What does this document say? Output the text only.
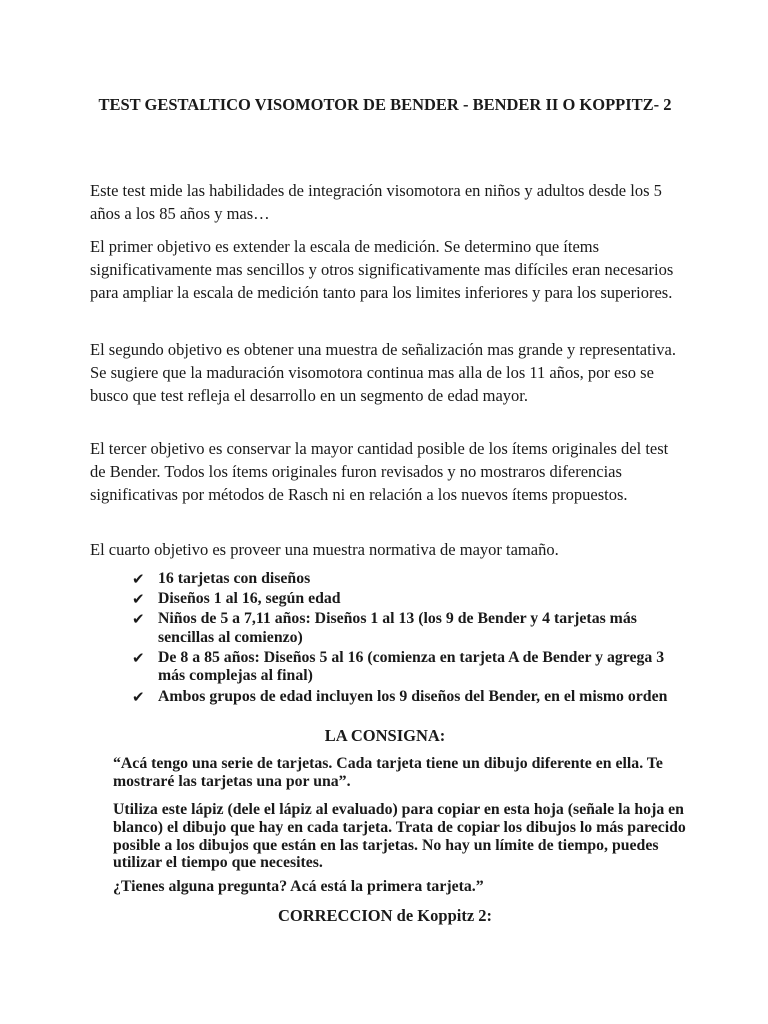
TEST GESTALTICO VISOMOTOR DE BENDER - BENDER II O KOPPITZ- 2

Este test mide las habilidades de integración visomotora en niños y adultos desde los 5 años a los 85 años y mas…

El primer objetivo es extender la escala de medición. Se determino que ítems significativamente mas sencillos y otros significativamente mas difíciles eran necesarios para ampliar la escala de medición tanto para los limites inferiores y para los superiores.

El segundo objetivo es obtener una muestra de señalización mas grande y representativa. Se sugiere que la maduración visomotora continua mas alla de los 11 años, por eso se busco que test refleja el desarrollo en un segmento de edad mayor.

El tercer objetivo es conservar la mayor cantidad posible de los ítems originales del test de Bender. Todos los ítems originales furon revisados y no mostraros diferencias significativas por métodos de Rasch ni en relación a los nuevos ítems propuestos.

El cuarto objetivo es proveer una muestra normativa de mayor tamaño.

✔ 16 tarjetas con diseños
✔ Diseños 1 al 16, según edad
✔ Niños de 5 a 7,11 años: Diseños 1 al 13 (los 9 de Bender y 4 tarjetas más sencillas al comienzo)
✔ De 8 a 85 años: Diseños 5 al 16 (comienza en tarjeta A de Bender y agrega 3 más complejas al final)
✔ Ambos grupos de edad incluyen los 9 diseños del Bender, en el mismo orden
LA CONSIGNA:

“Acá tengo una serie de tarjetas. Cada tarjeta tiene un dibujo diferente en ella. Te mostraré las tarjetas una por una”.

Utiliza este lápiz (dele el lápiz al evaluado) para copiar en esta hoja (señale la hoja en blanco) el dibujo que hay en cada tarjeta. Trata de copiar los dibujos lo más parecido posible a los dibujos que están en las tarjetas. No hay un límite de tiempo, puedes utilizar el tiempo que necesites.

¿Tienes alguna pregunta? Acá está la primera tarjeta.”

CORRECCION de Koppitz 2:
